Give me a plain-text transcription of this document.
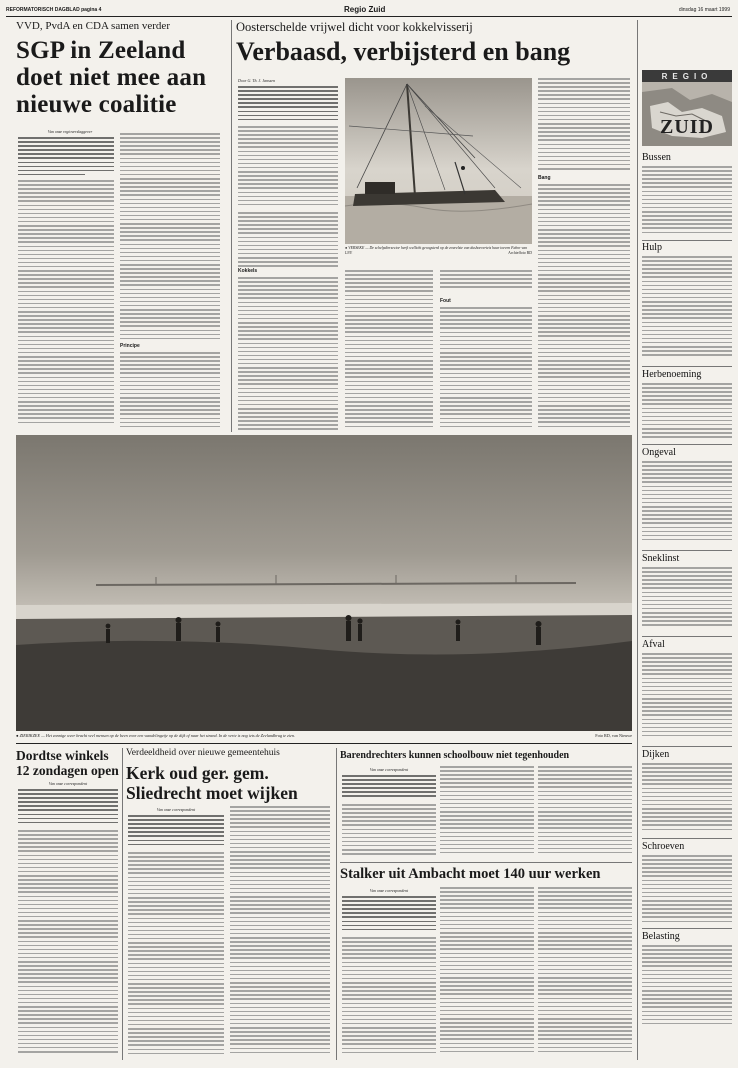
REFORMATORISCH DAGBLAD pagina 4	Regio Zuid	dinsdag 16 maart 1999
VVD, PvdA en CDA samen verder
SGP in Zeeland
doet niet mee aan
nieuwe coalitie
Van onze regioverslaggever
Principe
Oosterschelde vrijwel dicht voor kokkelvisserij
Verbaasd, verbijsterd en bang
Door G. Th. J. Janssen
● VERSEKE — De schelpdiersector heeft wellicht geoogsterd op de zoveelste van dushoeverteis haar toeven Fabor van LNV.	Archieffoto RD
Kokkels
Fout
Bang
REGIO
ZUID
Bussen
Hulp
Herbenoeming
Ongeval
Sneklinst
Afval
Dijken
Schroeven
Belasting
● ZIERIKZEE — Het zonnige weer bracht veel mensen op de been voor een wandelingetje op de dijk of naar het strand. In de verte is nog iets de Zeelandbrug te zien.	Foto RD, van Nieuwe
Dordtse winkels
12 zondagen open
Van onze correspondent
Verdeeldheid over nieuwe gemeentehuis
Kerk oud ger. gem.
Sliedrecht moet wijken
Van onze correspondent
Barendrechters kunnen schoolbouw niet tegenhouden
Van onze correspondent
Stalker uit Ambacht moet 140 uur werken
Van onze correspondent
